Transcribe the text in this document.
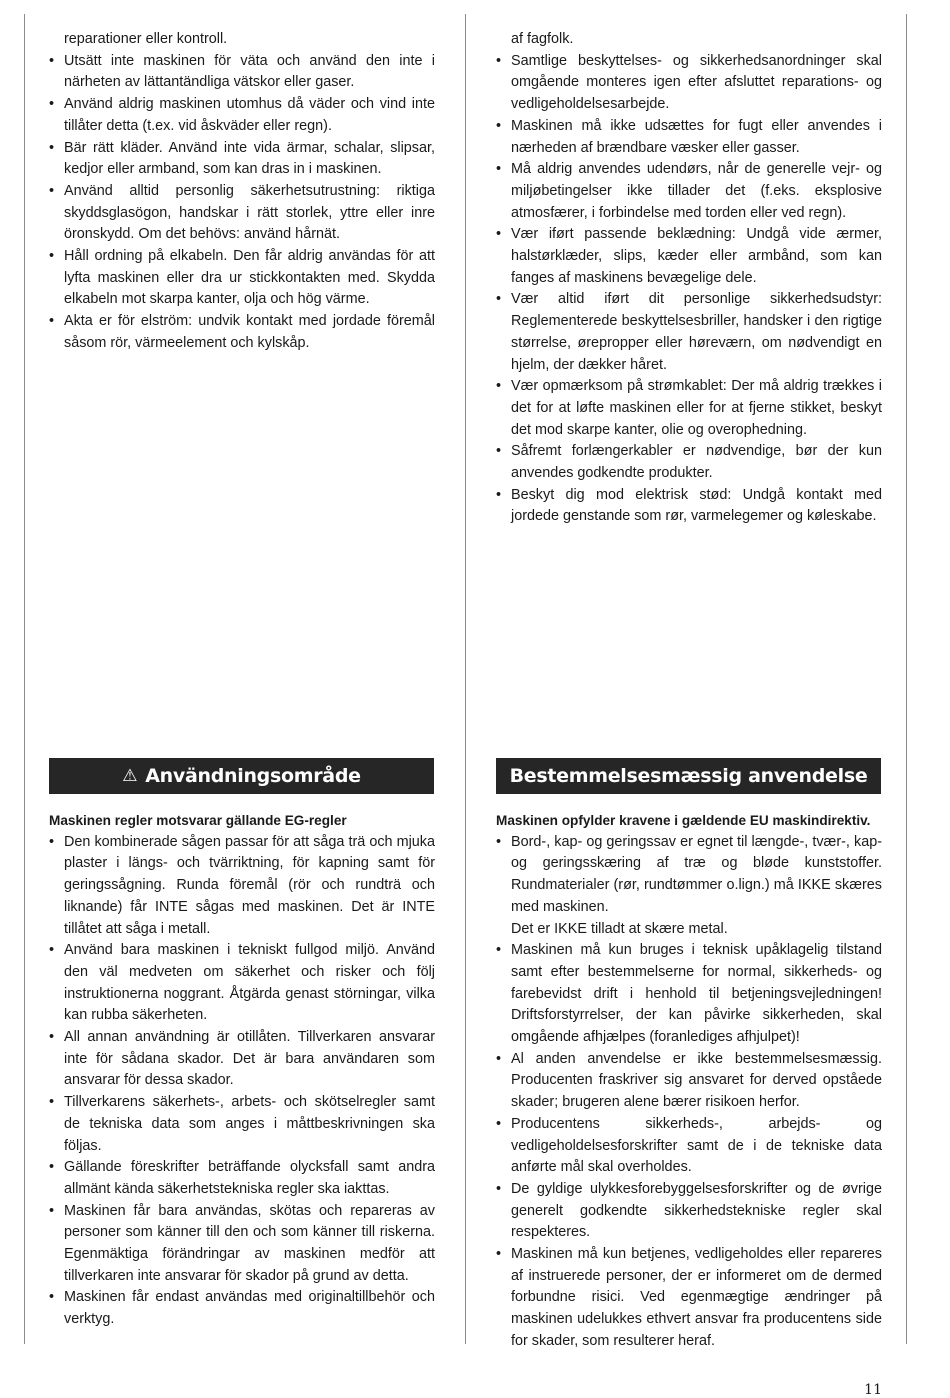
reparationer eller kontroll.

• Utsätt inte maskinen för väta och använd den inte i närheten av lättantändliga vätskor eller gaser.
• Använd aldrig maskinen utomhus då väder och vind inte tillåter detta (t.ex. vid åskväder eller regn).
• Bär rätt kläder. Använd inte vida ärmar, schalar, slipsar, kedjor eller armband, som kan dras in i maskinen.
• Använd alltid personlig säkerhetsutrustning: riktiga skyddsglasögon, handskar i rätt storlek, yttre eller inre öronskydd. Om det behövs: använd hårnät.
• Håll ordning på elkabeln. Den får aldrig användas för att lyfta maskinen eller dra ur stickkontakten med. Skydda elkabeln mot skarpa kanter, olja och hög värme.
• Akta er för elström: undvik kontakt med jordade föremål såsom rör, värmeelement och kylskåp.

af fagfolk.

• Samtlige beskyttelses- og sikkerhedsanordninger skal omgående monteres igen efter afsluttet reparations- og vedligeholdelsesarbejde.
• Maskinen må ikke udsættes for fugt eller anvendes i nærheden af brændbare væsker eller gasser.
• Må aldrig anvendes udendørs, når de generelle vejr- og miljøbetingelser ikke tillader det (f.eks. eksplosive atmosfærer, i forbindelse med torden eller ved regn).
• Vær iført passende beklædning: Undgå vide ærmer, halstørklæder, slips, kæder eller armbånd, som kan fanges af maskinens bevægelige dele.
• Vær altid iført dit personlige sikkerhedsudstyr: Reglementerede beskyttelsesbriller, handsker i den rigtige størrelse, ørepropper eller høreværn, om nødvendigt en hjelm, der dækker håret.
• Vær opmærksom på strømkablet: Der må aldrig trækkes i det for at løfte maskinen eller for at fjerne stikket, beskyt det mod skarpe kanter, olie og overophedning.
• Såfremt forlængerkabler er nødvendige, bør der kun anvendes godkendte produkter.
• Beskyt dig mod elektrisk stød: Undgå kontakt med jordede genstande som rør, varmelegemer og køleskabe.
⚠ Användningsområde	Bestemmelsesmæssig anvendelse

Maskinen regler motsvarar gällande EG-regler

• Den kombinerade sågen passar för att såga trä och mjuka plaster i längs- och tvärriktning, för kapning samt för geringssågning. Runda föremål (rör och rundträ och liknande) får INTE sågas med maskinen. Det är INTE tillåtet att såga i metall.
• Använd bara maskinen i tekniskt fullgod miljö. Använd den väl medveten om säkerhet och risker och följ instruktionerna noggrant. Åtgärda genast störningar, vilka kan rubba säkerheten.
• All annan användning är otillåten. Tillverkaren ansvarar inte för sådana skador. Det är bara användaren som ansvarar för dessa skador.
• Tillverkarens säkerhets-, arbets- och skötselregler samt de tekniska data som anges i måttbeskrivningen ska följas.
• Gällande föreskrifter beträffande olycksfall samt andra allmänt kända säkerhetstekniska regler ska iakttas.
• Maskinen får bara användas, skötas och repareras av personer som känner till den och som känner till riskerna. Egenmäktiga förändringar av maskinen medför att tillverkaren inte ansvarar för skador på grund av detta.
• Maskinen får endast användas med originaltillbehör och verktyg.

Maskinen opfylder kravene i gældende EU maskindirektiv.

• Bord-, kap- og geringssav er egnet til længde-, tvær-, kap- og geringsskæring af træ og bløde kunststoffer. Rundmaterialer (rør, rundtømmer o.lign.) må IKKE skæres med maskinen.
Det er IKKE tilladt at skære metal.
• Maskinen må kun bruges i teknisk upåklagelig tilstand samt efter bestemmelserne for normal, sikkerheds- og farebevidst drift i henhold til betjeningsvejledningen! Driftsforstyrrelser, der kan påvirke sikkerheden, skal omgående afhjælpes (foranlediges afhjulpet)!
• Al anden anvendelse er ikke bestemmelsesmæssig. Producenten fraskriver sig ansvaret for derved opståede skader; brugeren alene bærer risikoen herfor.
• Producentens sikkerheds-, arbejds- og vedligeholdelsesforskrifter samt de i de tekniske data anførte mål skal overholdes.
• De gyldige ulykkesforebyggelsesforskrifter og de øvrige generelt godkendte sikkerhedstekniske regler skal respekteres.
• Maskinen må kun betjenes, vedligeholdes eller repareres af instruerede personer, der er informeret om de dermed forbundne risici. Ved egenmægtige ændringer på maskinen udelukkes ethvert ansvar fra producentens side for skader, som resulterer heraf.
11
